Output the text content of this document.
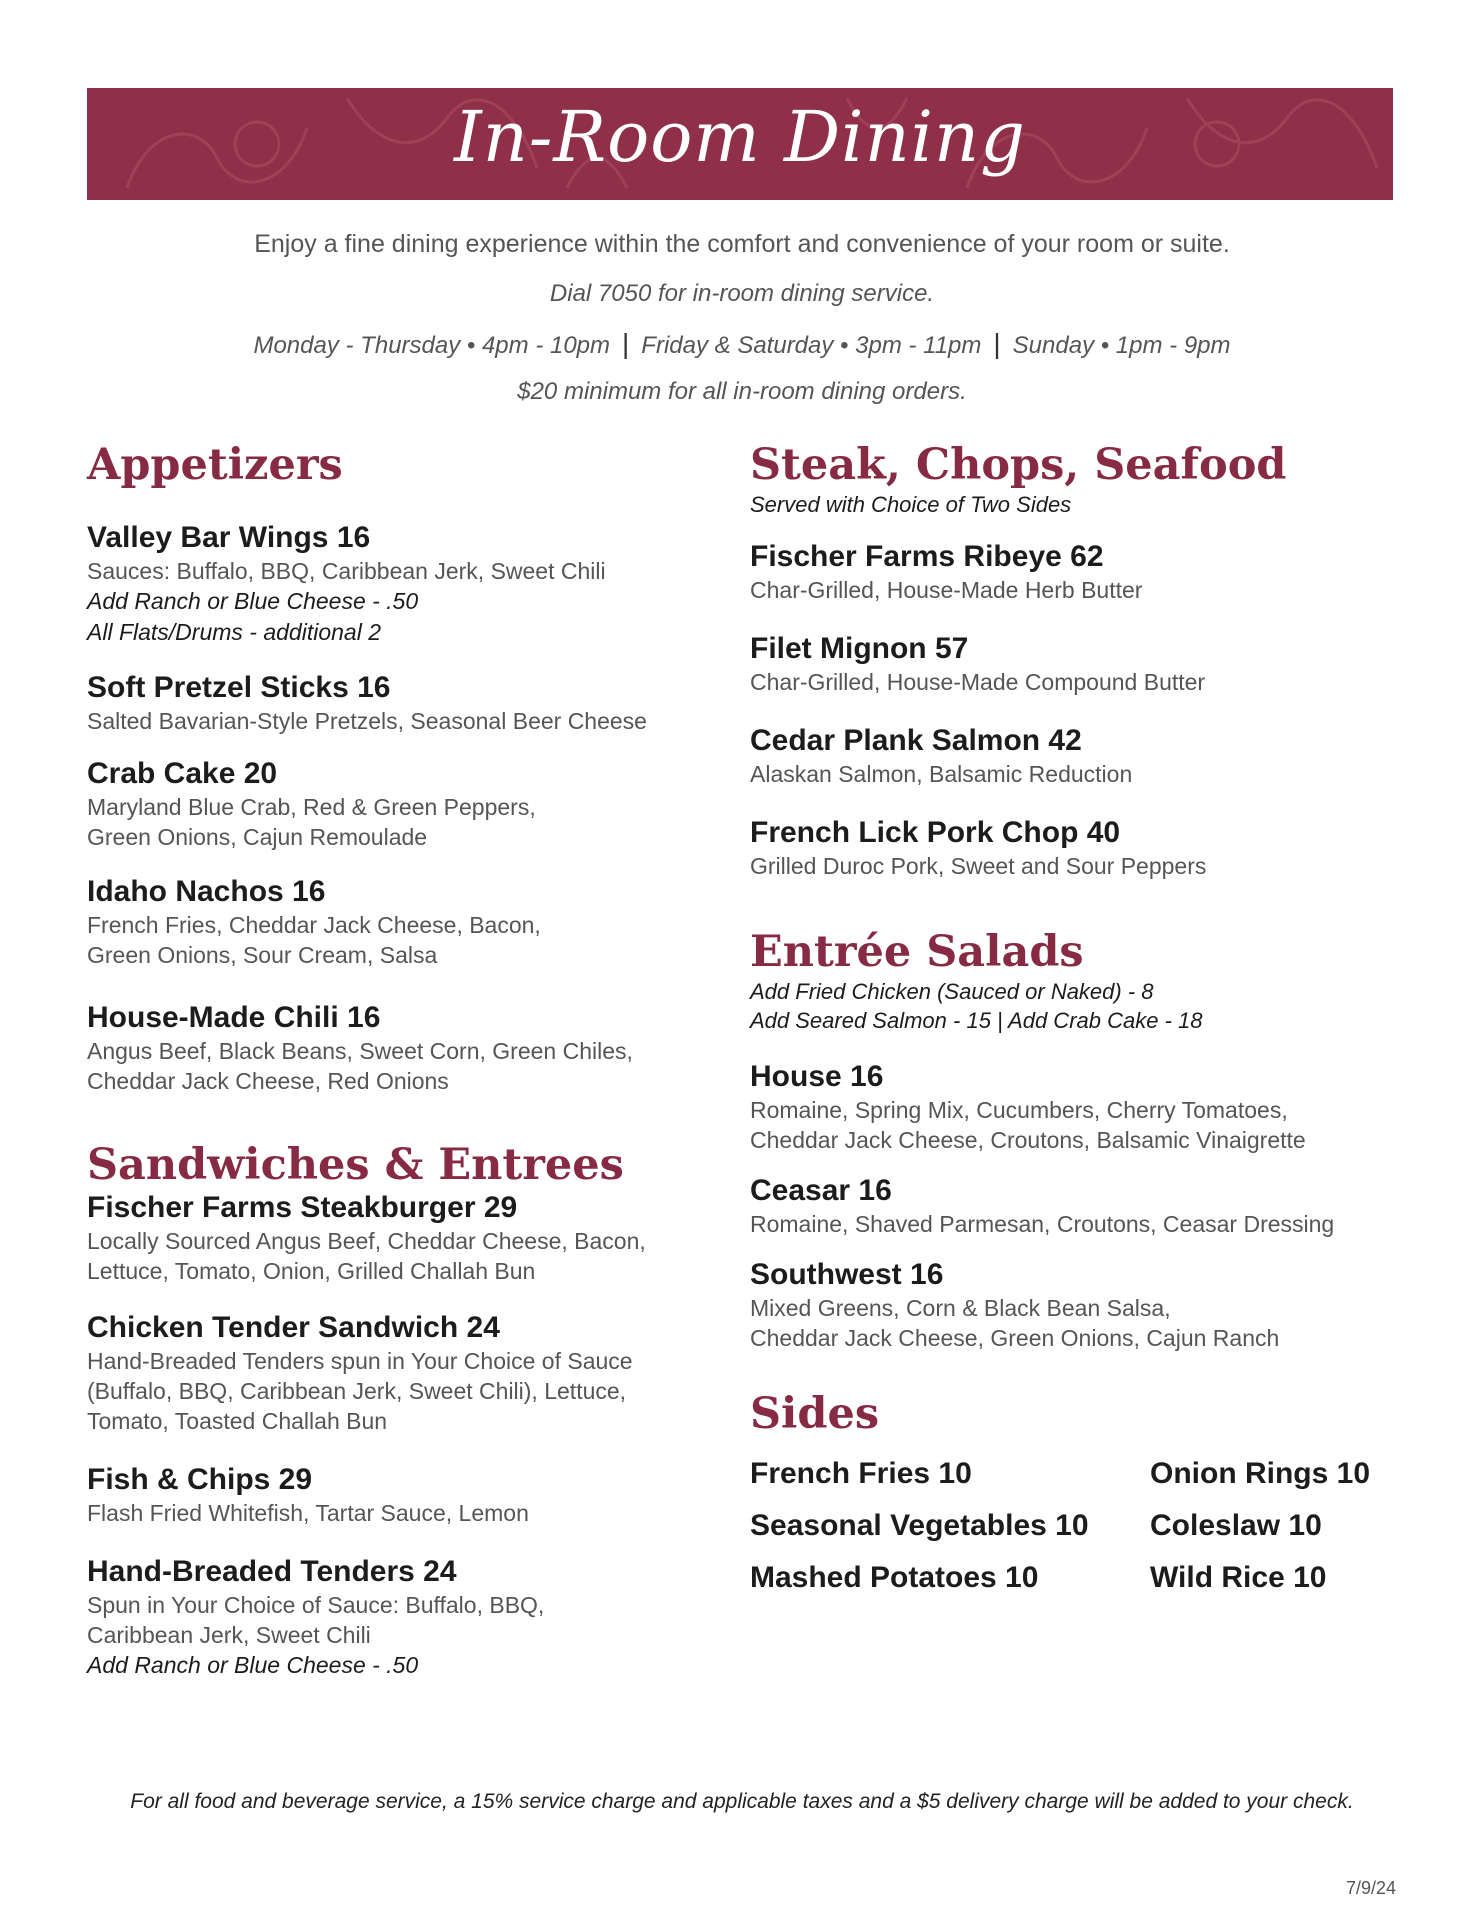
In-Room Dining
Enjoy a fine dining experience within the comfort and convenience of your room or suite.
Dial 7050 for in-room dining service.
Monday - Thursday • 4pm - 10pm | Friday & Saturday • 3pm - 11pm | Sunday • 1pm - 9pm
$20 minimum for all in-room dining orders.
Appetizers
Valley Bar Wings 16
Sauces: Buffalo, BBQ, Caribbean Jerk, Sweet Chili
Add Ranch or Blue Cheese - .50
All Flats/Drums - additional 2
Soft Pretzel Sticks 16
Salted Bavarian-Style Pretzels, Seasonal Beer Cheese
Crab Cake 20
Maryland Blue Crab, Red & Green Peppers,
Green Onions, Cajun Remoulade
Idaho Nachos 16
French Fries, Cheddar Jack Cheese, Bacon,
Green Onions, Sour Cream, Salsa
House-Made Chili 16
Angus Beef, Black Beans, Sweet Corn, Green Chiles,
Cheddar Jack Cheese, Red Onions
Sandwiches & Entrees
Fischer Farms Steakburger 29
Locally Sourced Angus Beef, Cheddar Cheese, Bacon,
Lettuce, Tomato, Onion, Grilled Challah Bun
Chicken Tender Sandwich 24
Hand-Breaded Tenders spun in Your Choice of Sauce
(Buffalo, BBQ, Caribbean Jerk, Sweet Chili), Lettuce,
Tomato, Toasted Challah Bun
Fish & Chips 29
Flash Fried Whitefish, Tartar Sauce, Lemon
Hand-Breaded Tenders 24
Spun in Your Choice of Sauce: Buffalo, BBQ,
Caribbean Jerk, Sweet Chili
Add Ranch or Blue Cheese - .50
Steak, Chops, Seafood
Served with Choice of Two Sides
Fischer Farms Ribeye 62
Char-Grilled, House-Made Herb Butter
Filet Mignon 57
Char-Grilled, House-Made Compound Butter
Cedar Plank Salmon 42
Alaskan Salmon, Balsamic Reduction
French Lick Pork Chop 40
Grilled Duroc Pork, Sweet and Sour Peppers
Entrée Salads
Add Fried Chicken (Sauced or Naked) - 8
Add Seared Salmon - 15 | Add Crab Cake - 18
House 16
Romaine, Spring Mix, Cucumbers, Cherry Tomatoes,
Cheddar Jack Cheese, Croutons, Balsamic Vinaigrette
Ceasar 16
Romaine, Shaved Parmesan, Croutons, Ceasar Dressing
Southwest 16
Mixed Greens, Corn & Black Bean Salsa,
Cheddar Jack Cheese, Green Onions, Cajun Ranch
Sides
French Fries 10	Onion Rings 10
Seasonal Vegetables 10	Coleslaw 10
Mashed Potatoes 10	Wild Rice 10
For all food and beverage service, a 15% service charge and applicable taxes and a $5 delivery charge will be added to your check.
7/9/24
